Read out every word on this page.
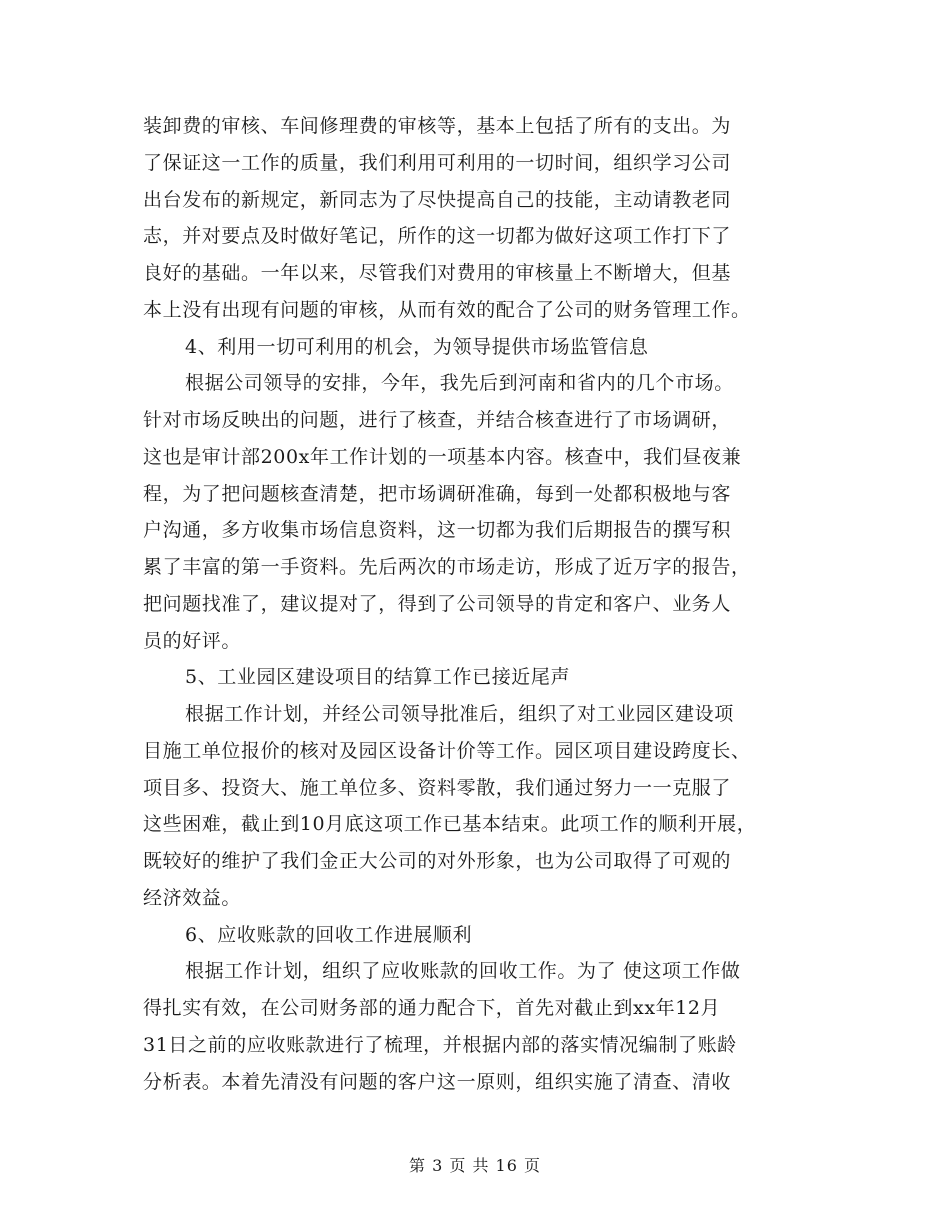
装卸费的审核、车间修理费的审核等，基本上包括了所有的支出。为
了保证这一工作的质量，我们利用可利用的一切时间，组织学习公司
出台发布的新规定，新同志为了尽快提高自己的技能，主动请教老同
志，并对要点及时做好笔记，所作的这一切都为做好这项工作打下了
良好的基础。一年以来，尽管我们对费用的审核量上不断增大，但基
本上没有出现有问题的审核，从而有效的配合了公司的财务管理工作。
4、利用一切可利用的机会，为领导提供市场监管信息
根据公司领导的安排，今年，我先后到河南和省内的几个市场。
针对市场反映出的问题，进行了核查，并结合核查进行了市场调研，
这也是审计部200x年工作计划的一项基本内容。核查中，我们昼夜兼
程，为了把问题核查清楚，把市场调研准确，每到一处都积极地与客
户沟通，多方收集市场信息资料，这一切都为我们后期报告的撰写积
累了丰富的第一手资料。先后两次的市场走访，形成了近万字的报告，
把问题找准了，建议提对了，得到了公司领导的肯定和客户、业务人
员的好评。
5、工业园区建设项目的结算工作已接近尾声
根据工作计划，并经公司领导批准后，组织了对工业园区建设项
目施工单位报价的核对及园区设备计价等工作。园区项目建设跨度长、
项目多、投资大、施工单位多、资料零散，我们通过努力一一克服了
这些困难，截止到10月底这项工作已基本结束。此项工作的顺利开展，
既较好的维护了我们金正大公司的对外形象，也为公司取得了可观的
经济效益。
6、应收账款的回收工作进展顺利
根据工作计划，组织了应收账款的回收工作。为了 使这项工作做
得扎实有效，在公司财务部的通力配合下，首先对截止到xx年12月
31日之前的应收账款进行了梳理，并根据内部的落实情况编制了账龄
分析表。本着先清没有问题的客户这一原则，组织实施了清查、清收
第 3 页 共 16 页
